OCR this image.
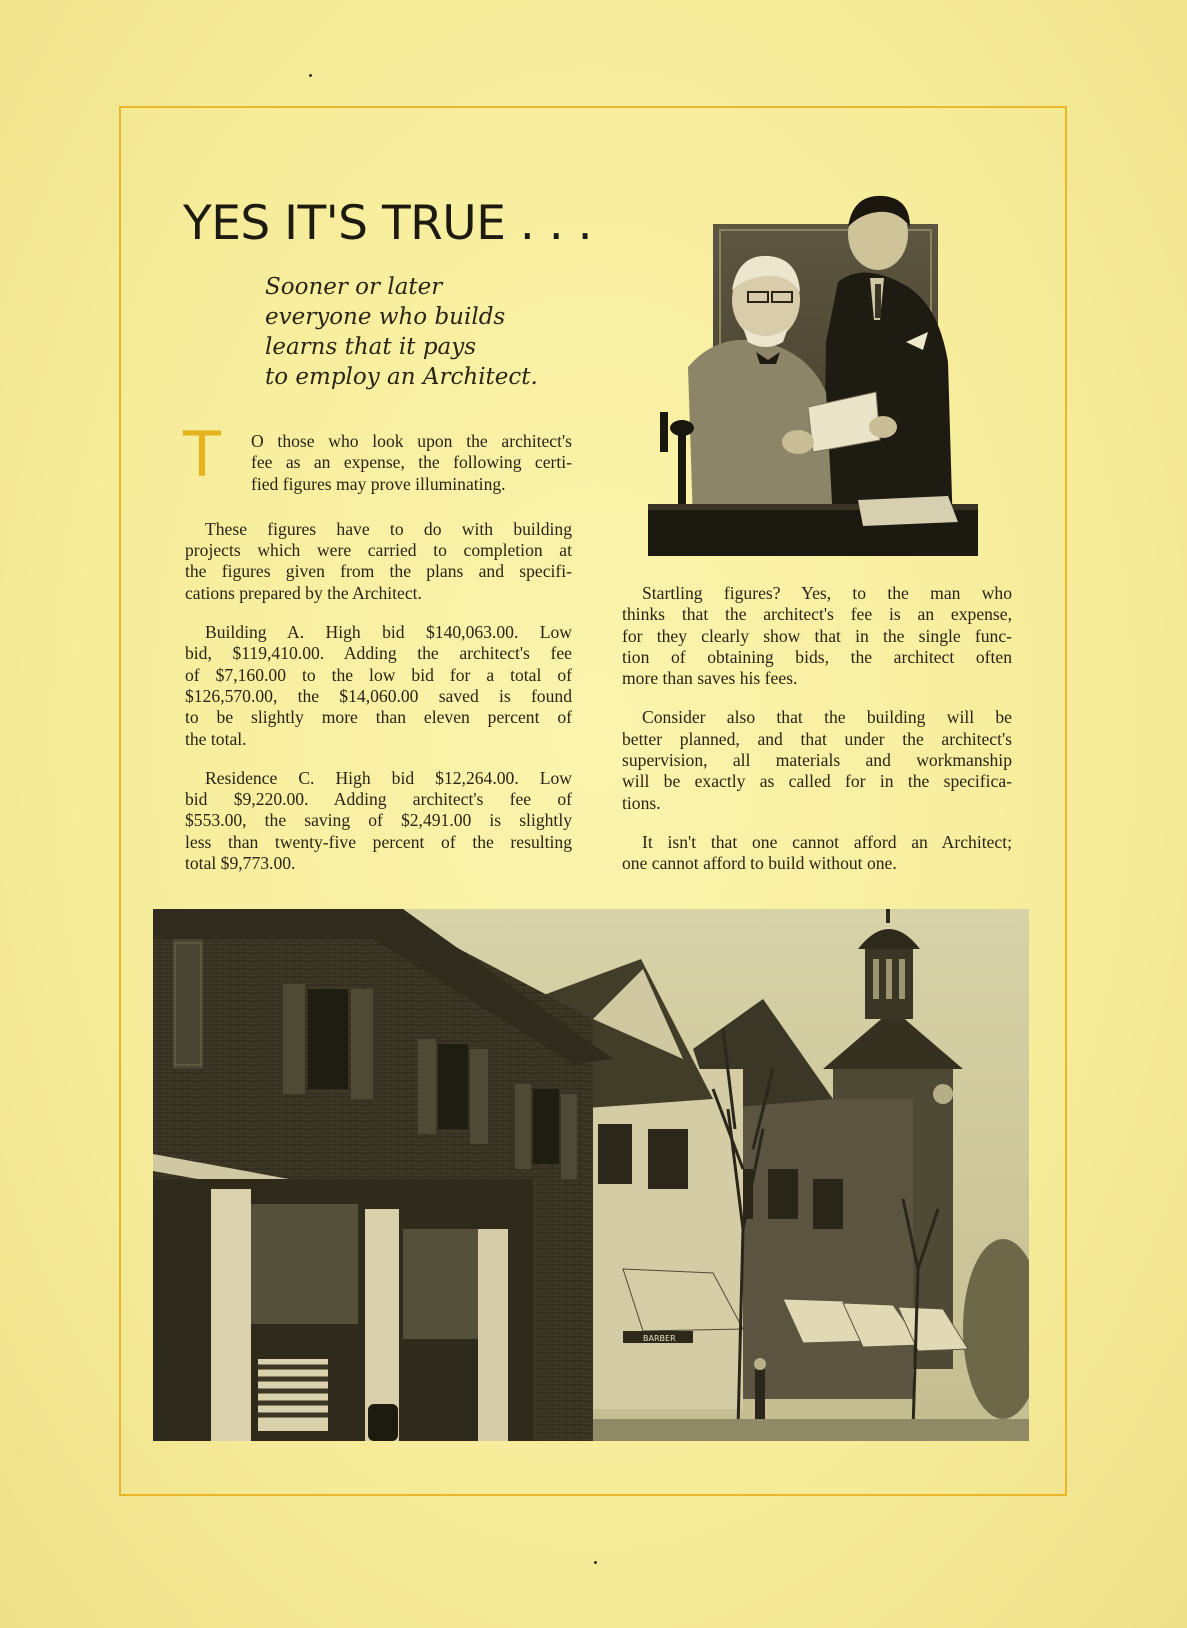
YES IT'S TRUE . . .
Sooner or later
everyone who builds
learns that it pays
to employ an Architect.

T O those who look upon the architect's
fee as an expense, the following certi-
fied figures may prove illuminating.

These figures have to do with building
projects which were carried to completion at
the figures given from the plans and specifi-
cations prepared by the Architect.

Building A. High bid $140,063.00. Low
bid, $119,410.00. Adding the architect's fee
of $7,160.00 to the low bid for a total of
$126,570.00, the $14,060.00 saved is found
to be slightly more than eleven percent of
the total.

Residence C. High bid $12,264.00. Low
bid $9,220.00. Adding architect's fee of
$553.00, the saving of $2,491.00 is slightly
less than twenty-five percent of the resulting
total $9,773.00.

Startling figures? Yes, to the man who
thinks that the architect's fee is an expense,
for they clearly show that in the single func-
tion of obtaining bids, the architect often
more than saves his fees.

Consider also that the building will be
better planned, and that under the architect's
supervision, all materials and workmanship
will be exactly as called for in the specifica-
tions.

It isn't that one cannot afford an Architect;
one cannot afford to build without one.

BARBER
